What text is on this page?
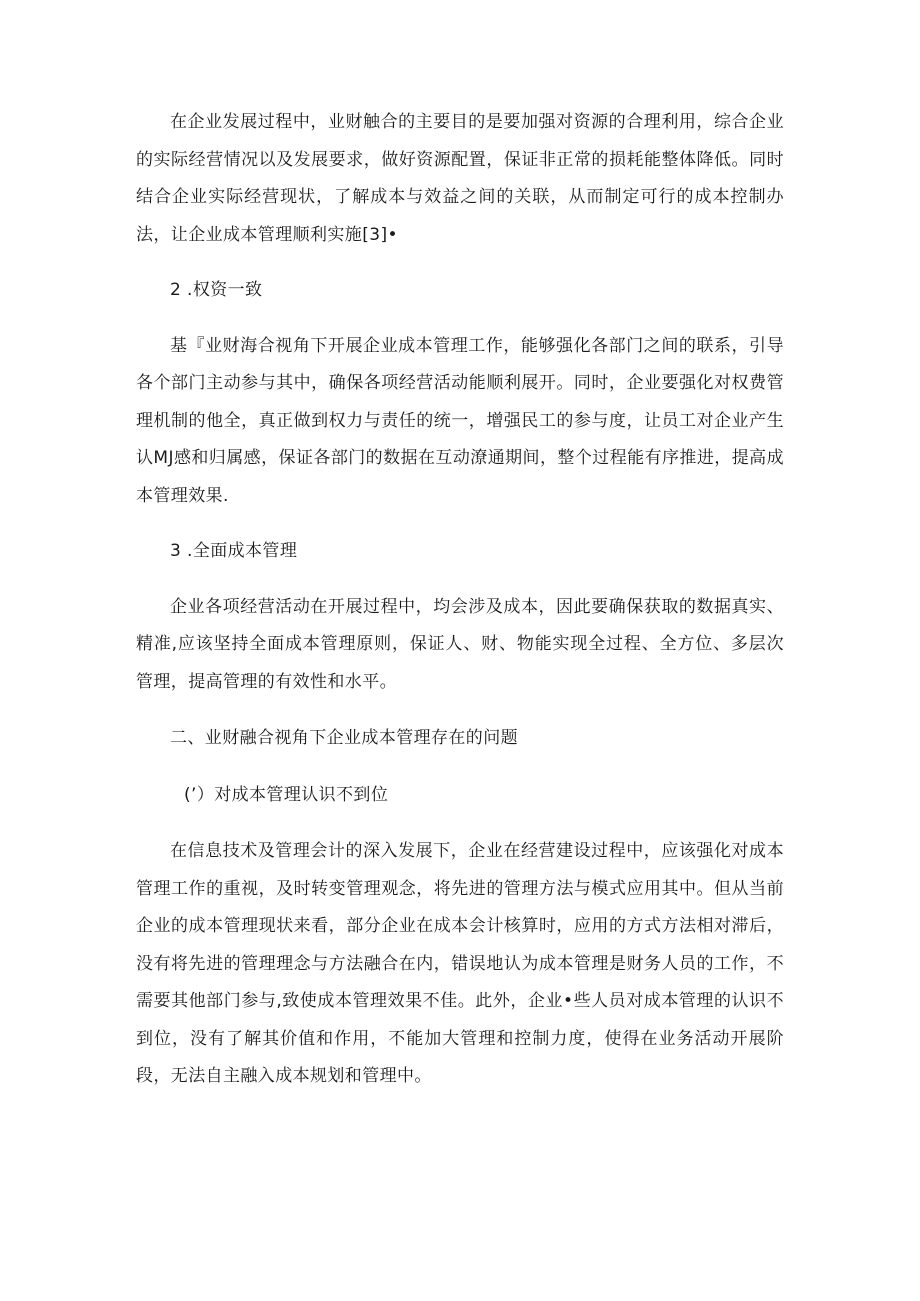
在企业发展过程中，业财触合的主要目的是要加强对资源的合理利用，综合企业的实际经营情况以及发展要求，做好资源配置，保证非正常的损耗能整体降低。同时结合企业实际经营现状，了解成本与效益之间的关联，从而制定可行的成本控制办法，让企业成本管理顺利实施[3]•

2 .权资一致

基『业财海合视角下开展企业成本管理工作，能够强化各部门之间的联系，引导各个部门主动参与其中，确保各项经营活动能顺利展开。同时，企业要强化对权费管理机制的他全，真正做到权力与责任的统一，增强民工的参与度，让员工对企业产生认MJ感和归属感，保证各部门的数据在互动潦通期间，整个过程能有序推进，提高成本管理效果.

3 .全面成本管理

企业各项经营活动在开展过程中，均会涉及成本，因此要确保获取的数据真实、精准,应该坚持全面成本管理原则，保证人、财、物能实现全过程、全方位、多层次管理，提高管理的有效性和水平。

二、业财融合视角下企业成本管理存在的问题

(’）对成本管理认识不到位

在信息技术及管理会计的深入发展下，企业在经营建设过程中，应该强化对成本管理工作的重视，及时转变管理观念，将先进的管理方法与模式应用其中。但从当前企业的成本管理现状来看，部分企业在成本会计核算时，应用的方式方法相对滞后，没有将先进的管理理念与方法融合在内，错误地认为成本管理是财务人员的工作，不需要其他部门参与,致使成本管理效果不佳。此外，企业•些人员对成本管理的认识不到位，没有了解其价值和作用，不能加大管理和控制力度，使得在业务活动开展阶段，无法自主融入成本规划和管理中。
